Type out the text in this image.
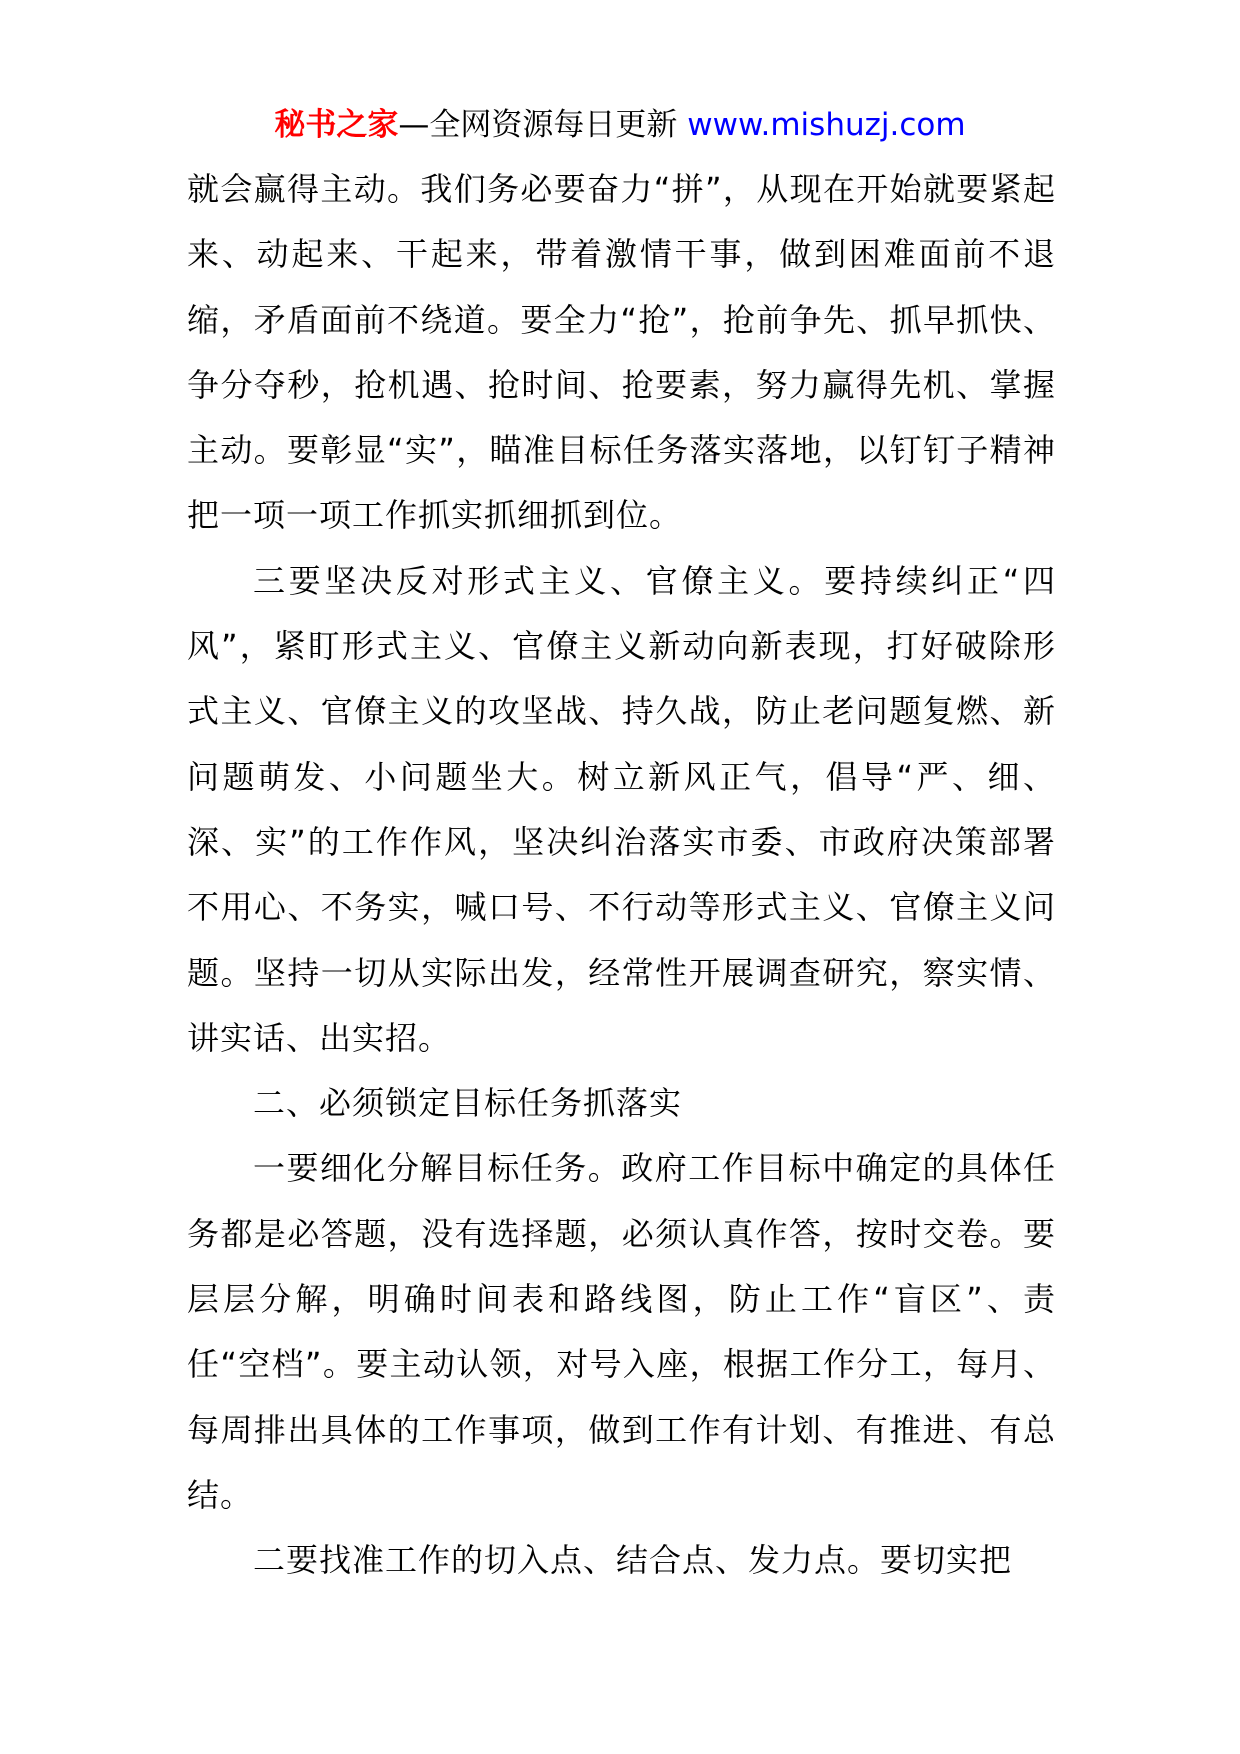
秘书之家—全网资源每日更新 www.mishuzj.com

就会赢得主动。我们务必要奋力“拼”，从现在开始就要紧起来、动起来、干起来，带着激情干事，做到困难面前不退缩，矛盾面前不绕道。要全力“抢”，抢前争先、抓早抓快、争分夺秒，抢机遇、抢时间、抢要素，努力赢得先机、掌握主动。要彰显“实”，瞄准目标任务落实落地，以钉钉子精神把一项一项工作抓实抓细抓到位。

三要坚决反对形式主义、官僚主义。要持续纠正“四风”，紧盯形式主义、官僚主义新动向新表现，打好破除形式主义、官僚主义的攻坚战、持久战，防止老问题复燃、新问题萌发、小问题坐大。树立新风正气，倡导“严、细、深、实”的工作作风，坚决纠治落实市委、市政府决策部署不用心、不务实，喊口号、不行动等形式主义、官僚主义问题。坚持一切从实际出发，经常性开展调查研究，察实情、讲实话、出实招。

二、必须锁定目标任务抓落实

一要细化分解目标任务。政府工作目标中确定的具体任务都是必答题，没有选择题，必须认真作答，按时交卷。要层层分解，明确时间表和路线图，防止工作“盲区”、责任“空档”。要主动认领，对号入座，根据工作分工，每月、每周排出具体的工作事项，做到工作有计划、有推进、有总结。

二要找准工作的切入点、结合点、发力点。要切实把
